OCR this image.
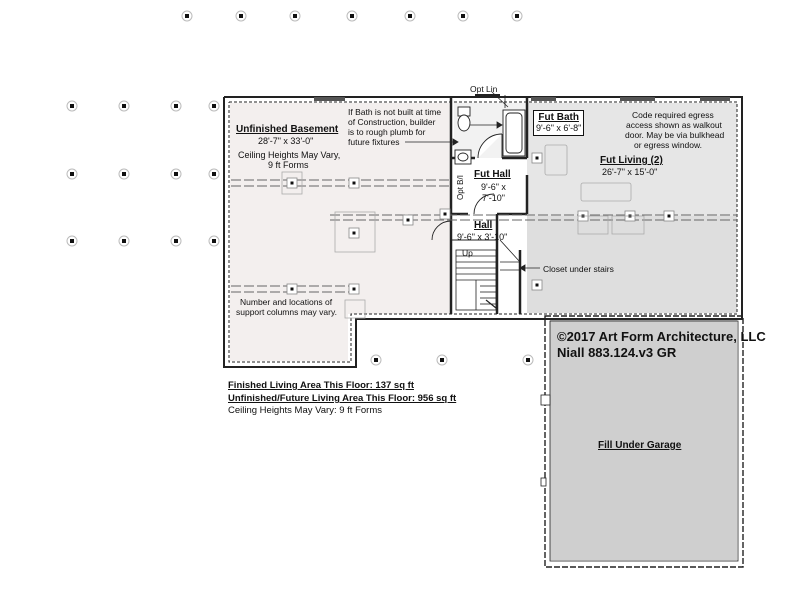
Unfinished Basement
28'-7" x 33'-0"
Ceiling Heights May Vary,
9 ft Forms
If Bath is not built at time
of Construction, builder
is to rough plumb for
future fixtures
Opt Lin
Fut Bath
9'-6" x 6'-8"
Code required egress
access shown as walkout
door. May be via bulkhead
or egress window.
Fut Living (2)
26'-7" x 15'-0"
Opt B/I
Fut Hall
9'-6" x
7'-10"
Hall
9'-6" x 3'-10"
Up
Closet under stairs
Number and locations of
support columns may vary.
©2017 Art Form Architecture, LLC
Niall 883.124.v3 GR
Fill Under Garage
Finished Living Area This Floor: 137 sq ft
Unfinished/Future Living Area This Floor: 956 sq ft
Ceiling Heights May Vary: 9 ft Forms
